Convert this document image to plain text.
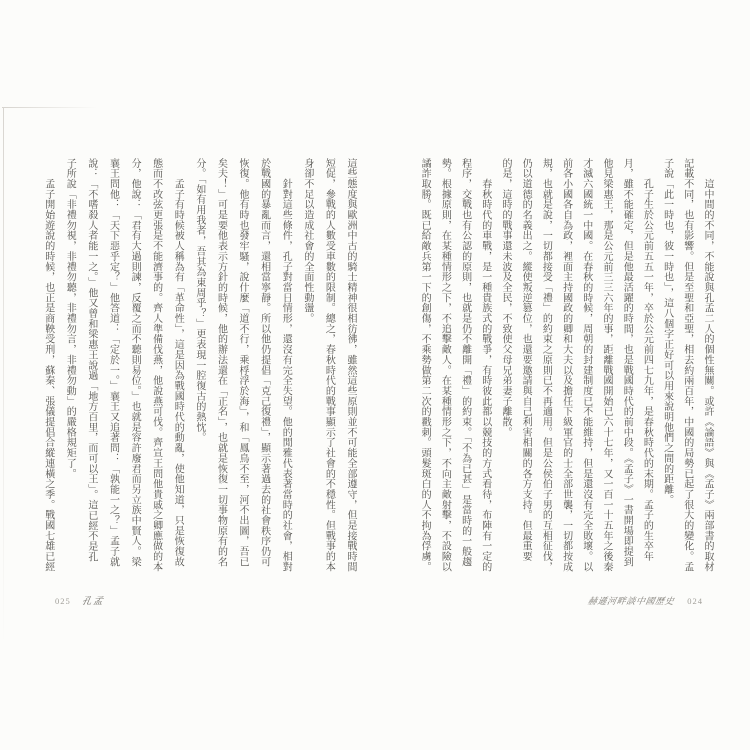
　　這中間的不同，不能說與孔孟二人的個性無關。或許《論語》與《孟子》兩部書的取材
記載不同，也有影響。但是至聖和亞聖，相去約兩百年，中國的局勢已起了很大的變化。孟
子說「此一時也，彼一時也」，這八個字正好可以用來說明他們之間的距離。
　　孔子生於公元前五五一年，卒於公元前四七九年，是春秋時代的末期。孟子的生卒年
月，雖不能確定，但是他最活躍的時間，也是戰國時代的前中段。《孟子》一書開場即提到
他見梁惠王，那是公元前三三六年的事，距離戰國開始已六十七年，又一百一十五年之後秦
才滅六國統一中國。在春秋的時候，周朝的封建制度已不能維持，但是還沒有完全敗壞。以
前各小國各自為政，裡面主持國政的卿和大夫以及擔任下級軍官的士全部世襲，一切都按成
規，也就是說，一切都接受「禮」的約束之原則已不再適用。但是公侯伯子男的互相征伐，
仍以道德的名義出之。縱使叛逆篡位，也還要邀請與自己利害相關的各方支持。但最重要
的是，這時的戰事還未波及全民，不致使父母兄弟妻子離散。
　　春秋時代的車戰，是一種貴族式的戰爭，有時彼此都以競技的方式看待，布陣有一定的
程序，交戰也有公認的原則，也就是仍不離開「禮」的約束。「不為已甚」是當時的一般趨
勢。根據原則，在某種情形之下，不追擊敵人。在某種情形之下，不向主敵射擊，不設險以
譎詐取勝。既已給敵兵第一下的創傷，不乘勢做第二次的戳刺。頭髮斑白的人不拘為俘虜。
這些態度與歐洲中古的騎士精神很相彷彿，雖然這些原則並不可能全部遵守，但是接戰時間
短促，參戰的人數受車數的限制。總之，春秋時代的戰事顯示了社會的不穩性。但戰事的本
身卻不足以造成社會的全面性動盪。
　　針對這些條件，孔子對當日情形，還沒有完全失望。他的閒雅代表著當時的社會，相對
於戰國的暴亂而言，還相當寧靜。所以他仍提倡「克己復禮」，顯示著過去的社會秩序仍可
恢復。他有時也發牢騷，說什麼「道不行，乘桴浮於海」，和「鳳鳥不至，河不出圖，吾已
矣夫！」可是要他表示方針的時候，他的辦法還在「正名」，也就是恢復一切事物原有的名
分。「如有用我者，吾其為東周乎？」更表現一腔復古的熱忱。
　　孟子有時候被人稱為有「革命性」，這是因為戰國時代的動亂，使他知道，只是恢復故
態而不改弦更張是不能濟事的。齊人準備伐燕，他說燕可伐。齊宣王問他貴戚之卿應做的本
分，他說：「君有大過則諫，反覆之而不聽則易位。」也就是容許廢君而另立族中賢人。梁
襄王問他：「天下惡乎定？」他答道：「定於一。」襄王又追著問：「孰能一之？」孟子就
說：「不嗜殺人者能一之。」他又曾和梁惠王說過「地方百里，而可以王」。這已經不是孔
子所說「非禮勿視，非禮勿聽，非禮勿言，非禮勿動」的嚴格規矩了。
　　孟子開始遊說的時候，也正是商鞅受刑，蘇秦、張儀提倡合縱連橫之季。戰國七雄已經
025 孔孟	赫遜河畔談中國歷史 024
